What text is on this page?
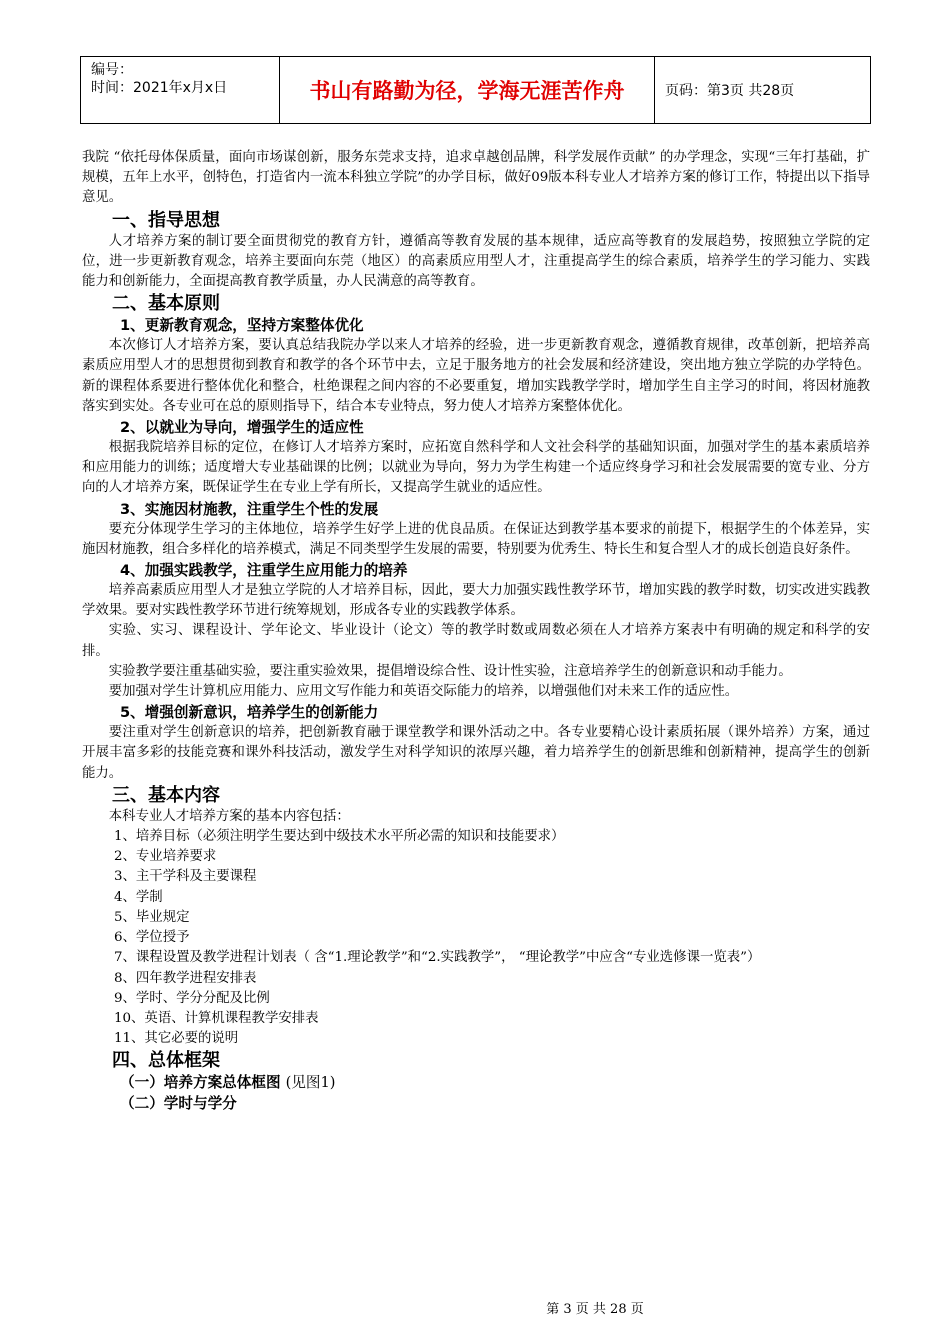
编号：
时间：2021年x月x日	书山有路勤为径，学海无涯苦作舟	页码：第3页 共28页

我院 “依托母体保质量，面向市场谋创新，服务东莞求支持，追求卓越创品牌，科学发展作贡献” 的办学理念，实现“三年打基础，扩规模，五年上水平，创特色，打造省内一流本科独立学院”的办学目标，做好09版本科专业人才培养方案的修订工作，特提出以下指导意见。

一、指导思想

人才培养方案的制订要全面贯彻党的教育方针，遵循高等教育发展的基本规律，适应高等教育的发展趋势，按照独立学院的定位，进一步更新教育观念，培养主要面向东莞（地区）的高素质应用型人才，注重提高学生的综合素质，培养学生的学习能力、实践能力和创新能力，全面提高教育教学质量，办人民满意的高等教育。

二、基本原则
1、更新教育观念，坚持方案整体优化

本次修订人才培养方案，要认真总结我院办学以来人才培养的经验，进一步更新教育观念，遵循教育规律，改革创新，把培养高素质应用型人才的思想贯彻到教育和教学的各个环节中去，立足于服务地方的社会发展和经济建设，突出地方独立学院的办学特色。新的课程体系要进行整体优化和整合，杜绝课程之间内容的不必要重复，增加实践教学学时，增加学生自主学习的时间，将因材施教落实到实处。各专业可在总的原则指导下，结合本专业特点，努力使人才培养方案整体优化。

2、以就业为导向，增强学生的适应性

根据我院培养目标的定位，在修订人才培养方案时，应拓宽自然科学和人文社会科学的基础知识面，加强对学生的基本素质培养和应用能力的训练；适度增大专业基础课的比例；以就业为导向，努力为学生构建一个适应终身学习和社会发展需要的宽专业、分方向的人才培养方案，既保证学生在专业上学有所长，又提高学生就业的适应性。

3、实施因材施教，注重学生个性的发展

要充分体现学生学习的主体地位，培养学生好学上进的优良品质。在保证达到教学基本要求的前提下，根据学生的个体差异，实施因材施教，组合多样化的培养模式，满足不同类型学生发展的需要，特别要为优秀生、特长生和复合型人才的成长创造良好条件。

4、加强实践教学，注重学生应用能力的培养

培养高素质应用型人才是独立学院的人才培养目标，因此，要大力加强实践性教学环节，增加实践的教学时数，切实改进实践教学效果。要对实践性教学环节进行统筹规划，形成各专业的实践教学体系。

实验、实习、课程设计、学年论文、毕业设计（论文）等的教学时数或周数必须在人才培养方案表中有明确的规定和科学的安排。

实验教学要注重基础实验，要注重实验效果，提倡增设综合性、设计性实验，注意培养学生的创新意识和动手能力。

要加强对学生计算机应用能力、应用文写作能力和英语交际能力的培养，以增强他们对未来工作的适应性。

5、增强创新意识，培养学生的创新能力

要注重对学生创新意识的培养，把创新教育融于课堂教学和课外活动之中。各专业要精心设计素质拓展（课外培养）方案，通过开展丰富多彩的技能竞赛和课外科技活动，激发学生对科学知识的浓厚兴趣，着力培养学生的创新思维和创新精神，提高学生的创新能力。

三、基本内容

本科专业人才培养方案的基本内容包括：

1、培养目标（必须注明学生要达到中级技术水平所必需的知识和技能要求）
2、专业培养要求
3、主干学科及主要课程
4、学制
5、毕业规定
6、学位授予
7、课程设置及教学进程计划表（ 含“1.理论教学”和“2.实践教学”， “理论教学”中应含“专业选修课一览表”）
8、四年教学进程安排表
9、学时、学分分配及比例
10、英语、计算机课程教学安排表
11、其它必要的说明
四、总体框架
（一）培养方案总体框图 (见图1)
（二）学时与学分
第 3 页 共 28 页
